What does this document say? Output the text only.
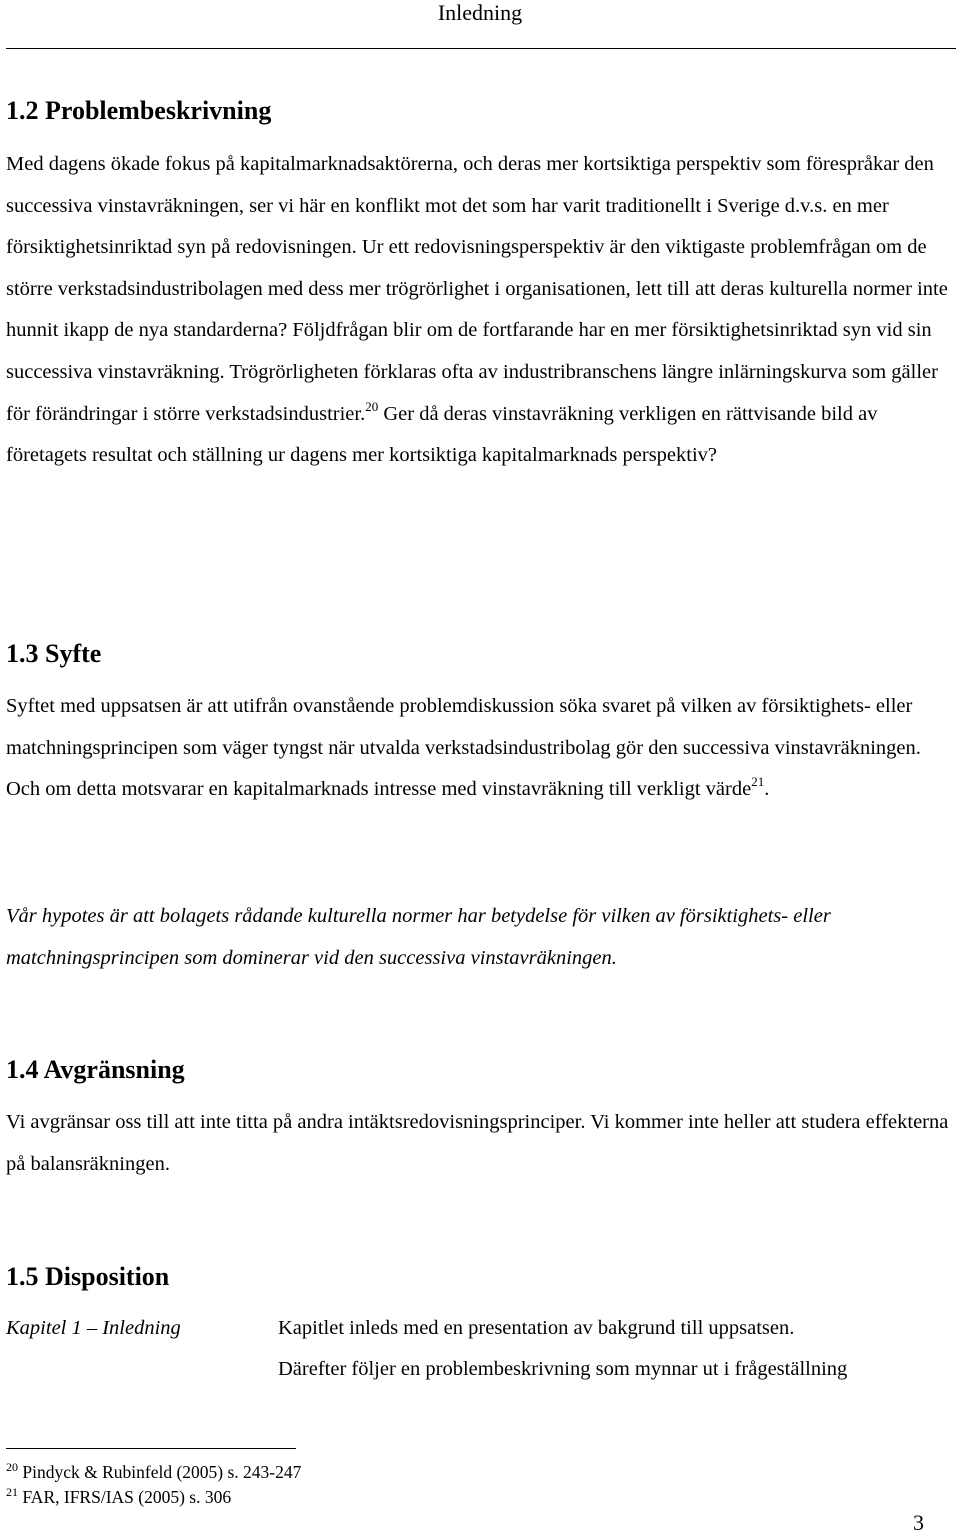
Inledning
1.2 Problembeskrivning

Med dagens ökade fokus på kapitalmarknadsaktörerna, och deras mer kortsiktiga perspektiv som förespråkar den successiva vinstavräkningen, ser vi här en konflikt mot det som har varit traditionellt i Sverige d.v.s. en mer försiktighetsinriktad syn på redovisningen. Ur ett redovisningsperspektiv är den viktigaste problemfrågan om de större verkstadsindustribolagen med dess mer trögrörlighet i organisationen, lett till att deras kulturella normer inte hunnit ikapp de nya standarderna? Följdfrågan blir om de fortfarande har en mer försiktighetsinriktad syn vid sin successiva vinstavräkning. Trögrörligheten förklaras ofta av industribranschens längre inlärningskurva som gäller för förändringar i större verkstadsindustrier.$^{20}$ Ger då deras vinstavräkning verkligen en rättvisande bild av företagets resultat och ställning ur dagens mer kortsiktiga kapitalmarknads perspektiv?

1.3 Syfte

Syftet med uppsatsen är att utifrån ovanstående problemdiskussion söka svaret på vilken av försiktighets- eller matchningsprincipen som väger tyngst när utvalda verkstadsindustribolag gör den successiva vinstavräkningen. Och om detta motsvarar en kapitalmarknads intresse med vinstavräkning till verkligt värde$^{21}$.

Vår hypotes är att bolagets rådande kulturella normer har betydelse för vilken av försiktighets- eller matchningsprincipen som dominerar vid den successiva vinstavräkningen.

1.4 Avgränsning

Vi avgränsar oss till att inte titta på andra intäktsredovisningsprinciper. Vi kommer inte heller att studera effekterna på balansräkningen.

1.5 Disposition
Kapitel 1 – Inledning	Kapitlet inleds med en presentation av bakgrund till uppsatsen.
Därefter följer en problembeskrivning som mynnar ut i frågeställning
$^{20}$ Pindyck & Rubinfeld (2005) s. 243-247
$^{21}$ FAR, IFRS/IAS (2005) s. 306
3
